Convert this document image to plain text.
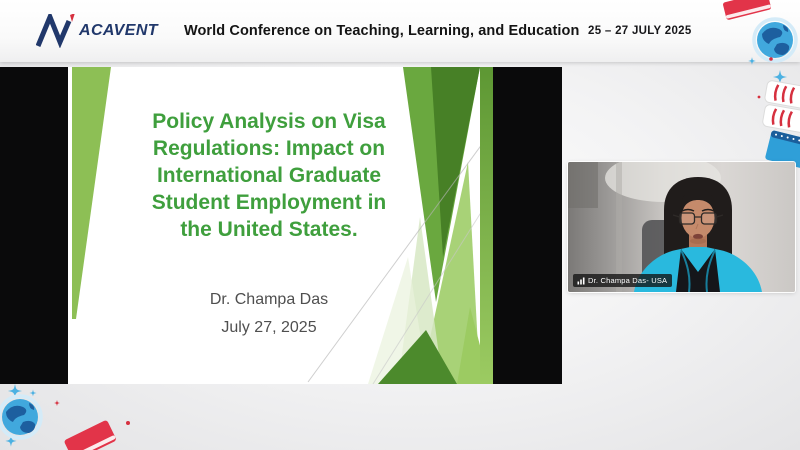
ACAVENT World Conference on Teaching, Learning, and Education 25 – 27 JULY 2025
Policy Analysis on Visa
Regulations: Impact on
International Graduate
Student Employment in
the United States.
Dr. Champa Das
July 27, 2025
Dr. Champa Das- USA
